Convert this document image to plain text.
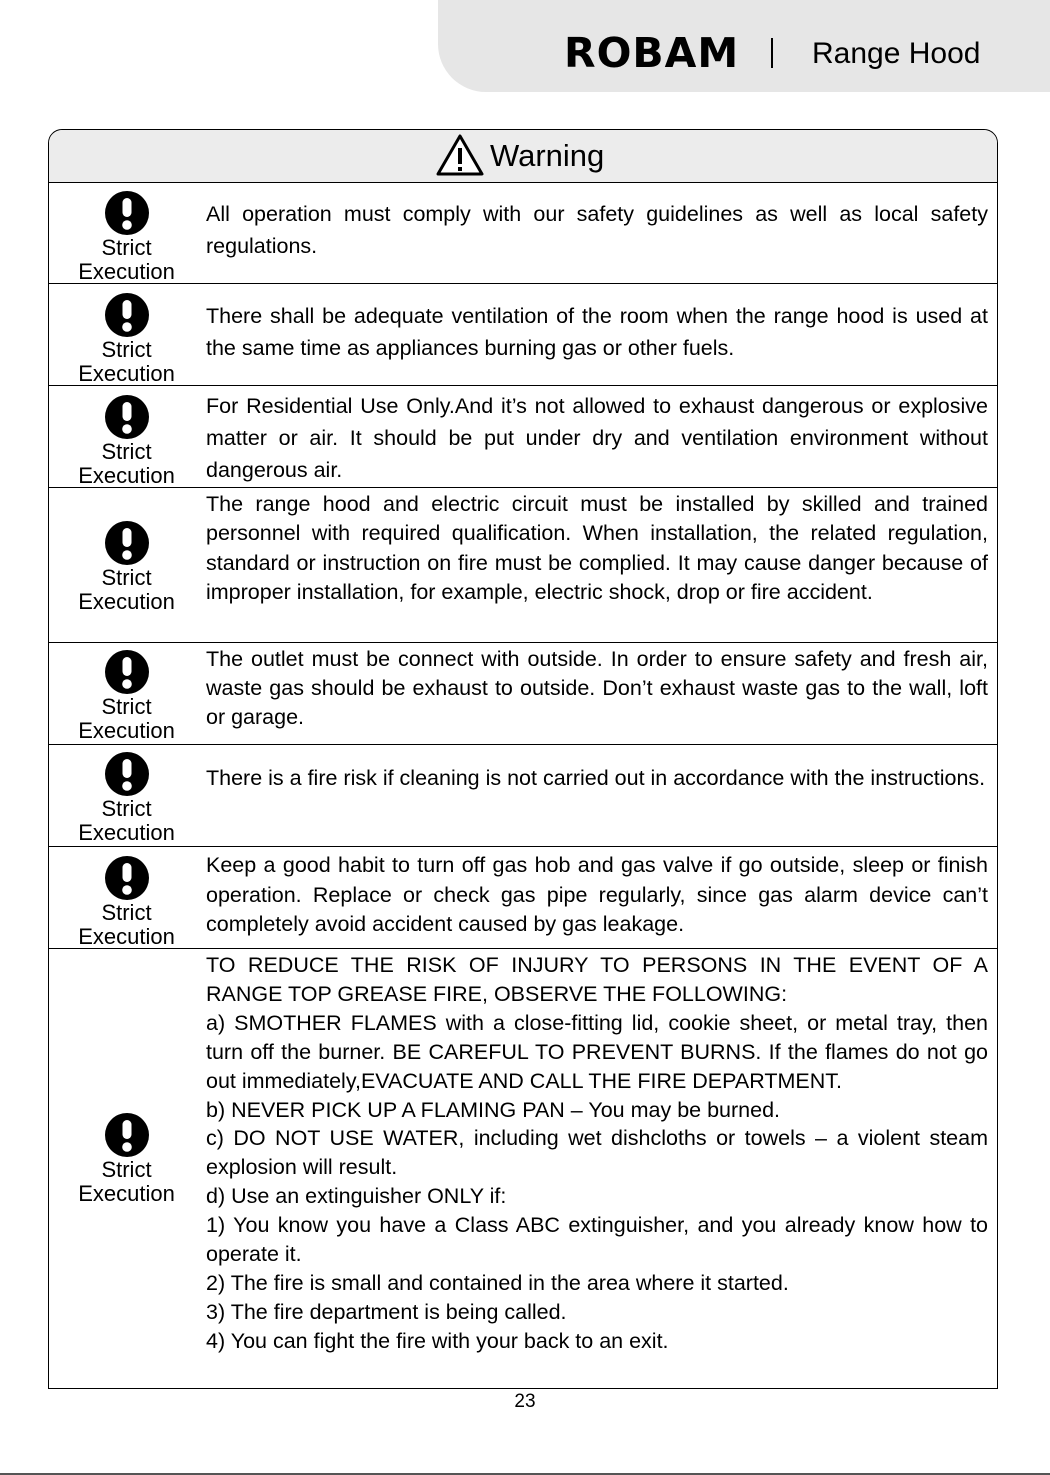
ROBAM Range Hood
Warning
Strict
Execution

All operation must comply with our safety guidelines as well as local safety regulations.

Strict
Execution

There shall be adequate ventilation of the room when the range hood is used at the same time as appliances burning gas or other fuels.

Strict
Execution

For Residential Use Only.And it’s not allowed to exhaust dangerous or explosive matter or air. It should be put under dry and ventilation environment without dangerous air.

Strict
Execution

The range hood and electric circuit must be installed by skilled and trained personnel with required qualification. When installation, the related regulation, standard or instruction on fire must be complied. It may cause danger because of improper installation, for example, electric shock, drop or fire accident.

Strict
Execution

The outlet must be connect with outside. In order to ensure safety and fresh air, waste gas should be exhaust to outside. Don’t exhaust waste gas to the wall, loft or garage.

Strict
Execution

There is a fire risk if cleaning is not carried out in accordance with the instructions.

Strict
Execution

Keep a good habit to turn off gas hob and gas valve if go outside, sleep or finish operation. Replace or check gas pipe regularly, since gas alarm device can’t completely avoid accident caused by gas leakage.

Strict
Execution

TO REDUCE THE RISK OF INJURY TO PERSONS IN THE EVENT OF A RANGE TOP GREASE FIRE, OBSERVE THE FOLLOWING:

a) SMOTHER FLAMES with a close-fitting lid, cookie sheet, or metal tray, then turn off the burner. BE CAREFUL TO PREVENT BURNS. If the flames do not go out immediately,EVACUATE AND CALL THE FIRE DEPARTMENT.

b) NEVER PICK UP A FLAMING PAN – You may be burned.

c) DO NOT USE WATER, including wet dishcloths or towels – a violent steam explosion will result.

d) Use an extinguisher ONLY if:

1) You know you have a Class ABC extinguisher, and you already know how to operate it.

2) The fire is small and contained in the area where it started.

3) The fire department is being called.

4) You can fight the fire with your back to an exit.

23
